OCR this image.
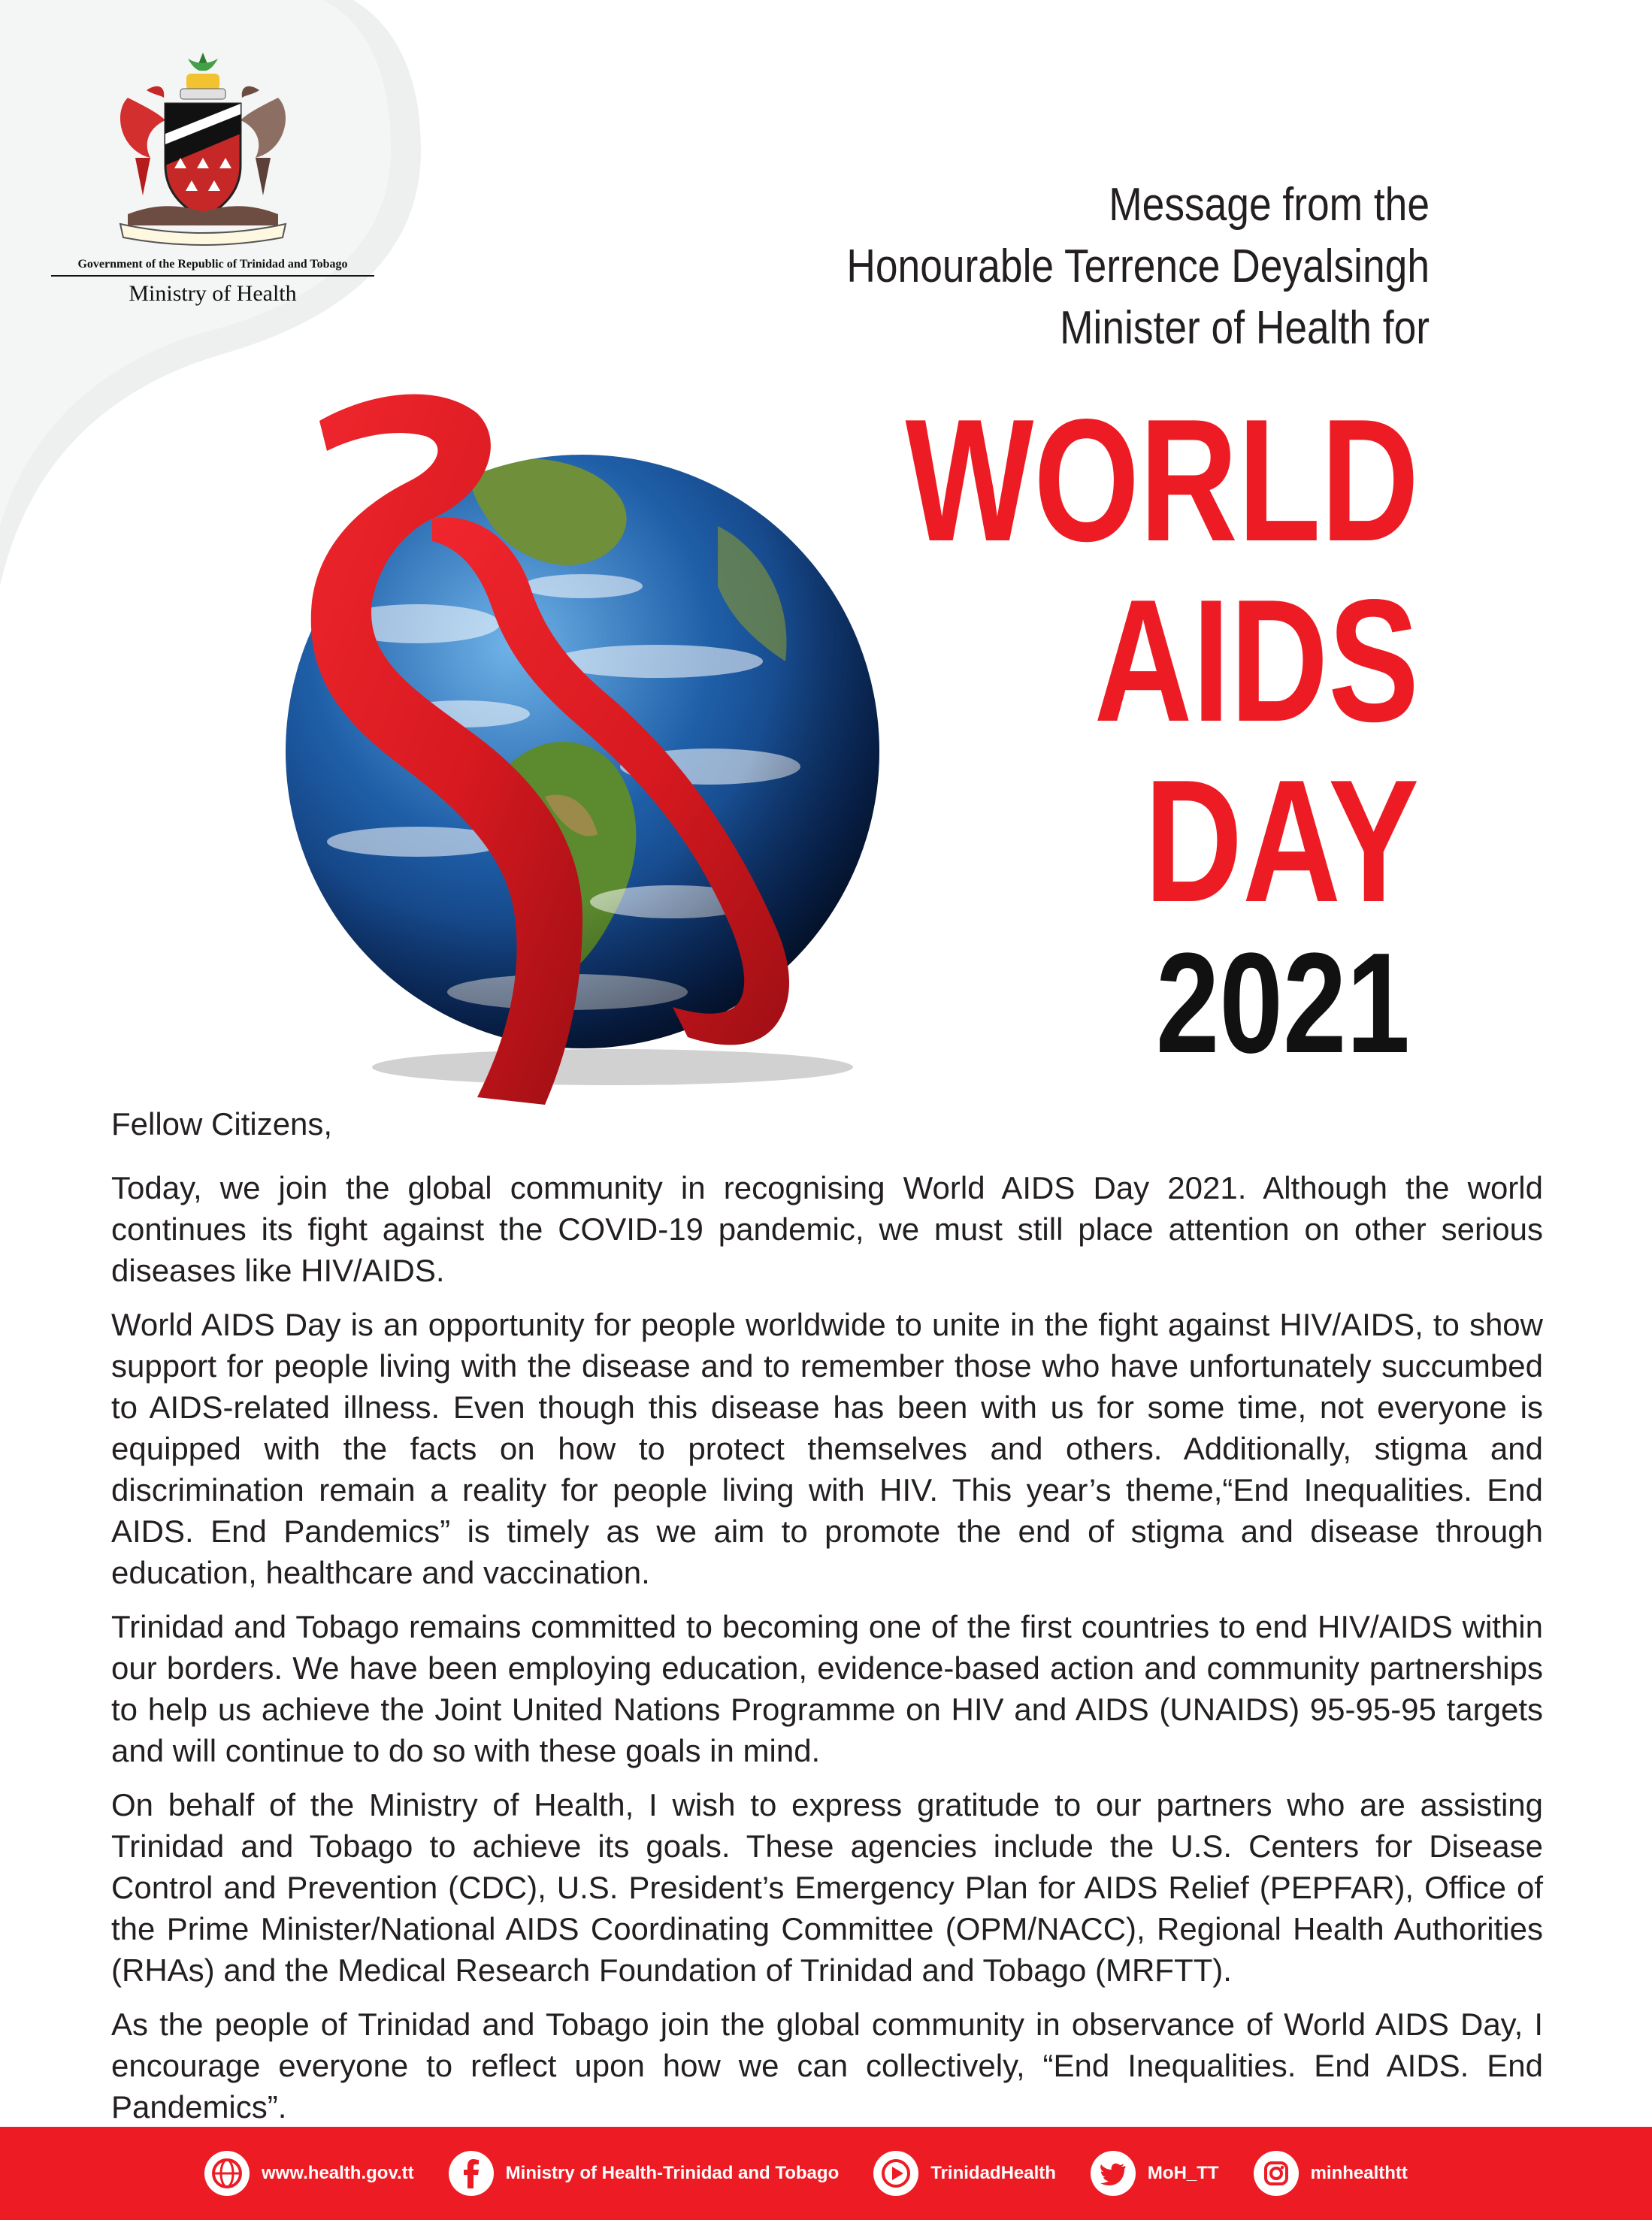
Government of the Republic of Trinidad and Tobago
Ministry of Health
Message from the
Honourable Terrence Deyalsingh
Minister of Health for
WORLD
AIDS
DAY
2021

Fellow Citizens,

Today, we join the global community in recognising World AIDS Day 2021. Although the world continues its fight against the COVID-19 pandemic, we must still place attention on other serious diseases like HIV/AIDS.

World AIDS Day is an opportunity for people worldwide to unite in the fight against HIV/AIDS, to show support for people living with the disease and to remember those who have unfortunately succumbed to AIDS-related illness. Even though this disease has been with us for some time, not everyone is equipped with the facts on how to protect themselves and others. Additionally, stigma and discrimination remain a reality for people living with HIV. This year’s theme,“End Inequalities. End AIDS. End Pandemics” is timely as we aim to promote the end of stigma and disease through education, healthcare and vaccination.

Trinidad and Tobago remains committed to becoming one of the first countries to end HIV/AIDS within our borders. We have been employing education, evidence-based action and community partnerships to help us achieve the Joint United Nations Programme on HIV and AIDS (UNAIDS) 95-95-95 targets and will continue to do so with these goals in mind.

On behalf of the Ministry of Health, I wish to express gratitude to our partners who are assisting Trinidad and Tobago to achieve its goals. These agencies include the U.S. Centers for Disease Control and Prevention (CDC), U.S. President’s Emergency Plan for AIDS Relief (PEPFAR), Office of the Prime Minister/National AIDS Coordinating Committee (OPM/NACC), Regional Health Authorities (RHAs) and the Medical Research Foundation of Trinidad and Tobago (MRFTT).

As the people of Trinidad and Tobago join the global community in observance of World AIDS Day, I encourage everyone to reflect upon how we can collectively, “End Inequalities. End AIDS. End Pandemics”.

www.health.gov.tt	Ministry of Health-Trinidad and Tobago	TrinidadHealth	MoH_TT	minhealthtt
